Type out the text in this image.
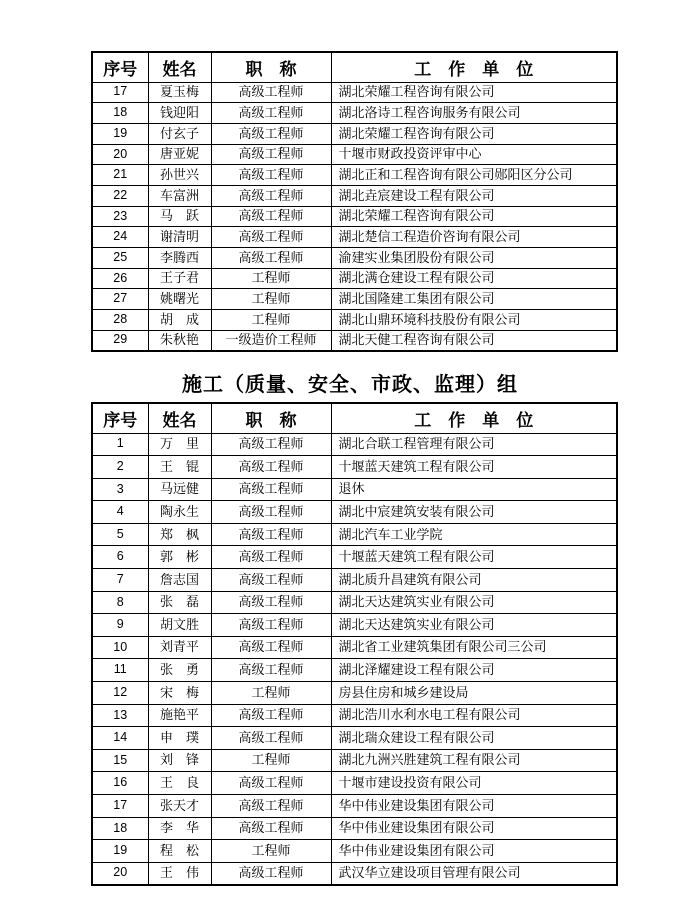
序号	姓名	职　称	工　作　单　位
17	夏玉梅	高级工程师	湖北荣耀工程咨询有限公司
18	钱迎阳	高级工程师	湖北洛诗工程咨询服务有限公司
19	付玄子	高级工程师	湖北荣耀工程咨询有限公司
20	唐亚妮	高级工程师	十堰市财政投资评审中心
21	孙世兴	高级工程师	湖北正和工程咨询有限公司郧阳区分公司
22	车富洲	高级工程师	湖北垚宸建设工程有限公司
23	马　跃	高级工程师	湖北荣耀工程咨询有限公司
24	谢清明	高级工程师	湖北楚信工程造价咨询有限公司
25	李腾西	高级工程师	渝建实业集团股份有限公司
26	王子君	工程师	湖北满仓建设工程有限公司
27	姚曙光	工程师	湖北国隆建工集团有限公司
28	胡　成	工程师	湖北山鼎环境科技股份有限公司
29	朱秋艳	一级造价工程师	湖北天健工程咨询有限公司
施工（质量、安全、市政、监理）组
序号	姓名	职　称	工　作　单　位
1	万　里	高级工程师	湖北合联工程管理有限公司
2	王　锟	高级工程师	十堰蓝天建筑工程有限公司
3	马远健	高级工程师	退休
4	陶永生	高级工程师	湖北中宸建筑安装有限公司
5	郑　枫	高级工程师	湖北汽车工业学院
6	郭　彬	高级工程师	十堰蓝天建筑工程有限公司
7	詹志国	高级工程师	湖北质升昌建筑有限公司
8	张　磊	高级工程师	湖北天达建筑实业有限公司
9	胡文胜	高级工程师	湖北天达建筑实业有限公司
10	刘青平	高级工程师	湖北省工业建筑集团有限公司三公司
11	张　勇	高级工程师	湖北泽耀建设工程有限公司
12	宋　梅	工程师	房县住房和城乡建设局
13	施艳平	高级工程师	湖北浩川水利水电工程有限公司
14	申　璞	高级工程师	湖北瑞众建设工程有限公司
15	刘　锋	工程师	湖北九洲兴胜建筑工程有限公司
16	王　良	高级工程师	十堰市建设投资有限公司
17	张天才	高级工程师	华中伟业建设集团有限公司
18	李　华	高级工程师	华中伟业建设集团有限公司
19	程　松	工程师	华中伟业建设集团有限公司
20	王　伟	高级工程师	武汉华立建设项目管理有限公司
